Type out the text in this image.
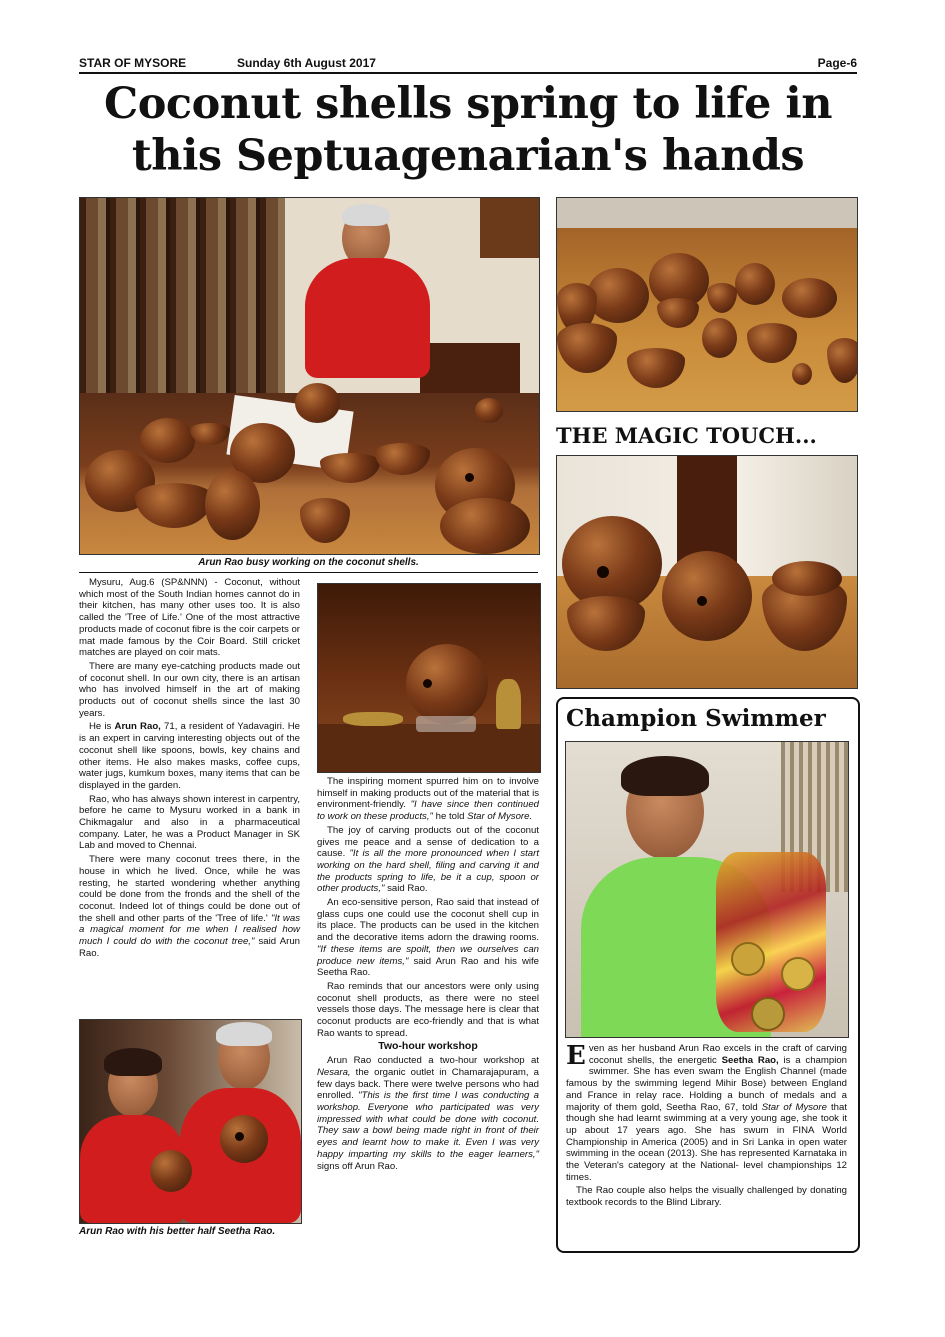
STAR OF MYSORE	Sunday 6th August 2017	Page-6
Coconut shells spring to life in
this Septuagenarian's hands
Arun Rao busy working on the coconut shells.
THE MAGIC TOUCH...
Champion Swimmer

Even as her husband Arun Rao excels in the craft of carving coconut shells, the energetic Seetha Rao, is a champion swimmer. She has even swam the English Channel (made famous by the swimming legend Mihir Bose) between England and France in relay race. Holding a bunch of medals and a majority of them gold, Seetha Rao, 67, told Star of Mysore that though she had learnt swimming at a very young age, she took it up about 17 years ago. She has swum in FINA World Championship in America (2005) and in Sri Lanka in open water swimming in the ocean (2013). She has represented Karnataka in the Veteran's category at the National- level championships 12 times.

The Rao couple also helps the visually challenged by donating textbook records to the Blind Library.

Mysuru, Aug.6 (SP&NNN) - Coconut, without which most of the South Indian homes cannot do in their kitchen, has many other uses too. It is also called the 'Tree of Life.' One of the most attractive products made of coconut fibre is the coir carpets or mat made famous by the Coir Board. Still cricket matches are played on coir mats.

There are many eye-catching products made out of coconut shell. In our own city, there is an artisan who has involved himself in the art of making products out of coconut shells since the last 30 years.

He is Arun Rao, 71, a resident of Yadavagiri. He is an expert in carving interesting objects out of the coconut shell like spoons, bowls, key chains and other items. He also makes masks, coffee cups, water jugs, kumkum boxes, many items that can be displayed in the garden.

Rao, who has always shown interest in carpentry, before he came to Mysuru worked in a bank in Chikmagalur and also in a pharmaceutical company. Later, he was a Product Manager in SK Lab and moved to Chennai.

There were many coconut trees there, in the house in which he lived. Once, while he was resting, he started wondering whether anything could be done from the fronds and the shell of the coconut. Indeed lot of things could be done out of the shell and other parts of the 'Tree of life.' "It was a magical moment for me when I realised how much I could do with the coconut tree," said Arun Rao.

Arun Rao with his better half Seetha Rao.

The inspiring moment spurred him on to involve himself in making products out of the material that is environment-friendly. "I have since then continued to work on these products," he told Star of Mysore.

The joy of carving products out of the coconut gives me peace and a sense of dedication to a cause. "It is all the more pronounced when I start working on the hard shell, filing and carving it and the products spring to life, be it a cup, spoon or other products," said Rao.

An eco-sensitive person, Rao said that instead of glass cups one could use the coconut shell cup in its place. The products can be used in the kitchen and the decorative items adorn the drawing rooms. "If these items are spoilt, then we ourselves can produce new items," said Arun Rao and his wife Seetha Rao.

Rao reminds that our ancestors were only using coconut shell products, as there were no steel vessels those days. The message here is clear that coconut products are eco-friendly and that is what Rao wants to spread.

Two-hour workshop

Arun Rao conducted a two-hour workshop at Nesara, the organic outlet in Chamarajapuram, a few days back. There were twelve persons who had enrolled. "This is the first time I was conducting a workshop. Everyone who participated was very impressed with what could be done with coconut. They saw a bowl being made right in front of their eyes and learnt how to make it. Even I was very happy imparting my skills to the eager learners," signs off Arun Rao.
